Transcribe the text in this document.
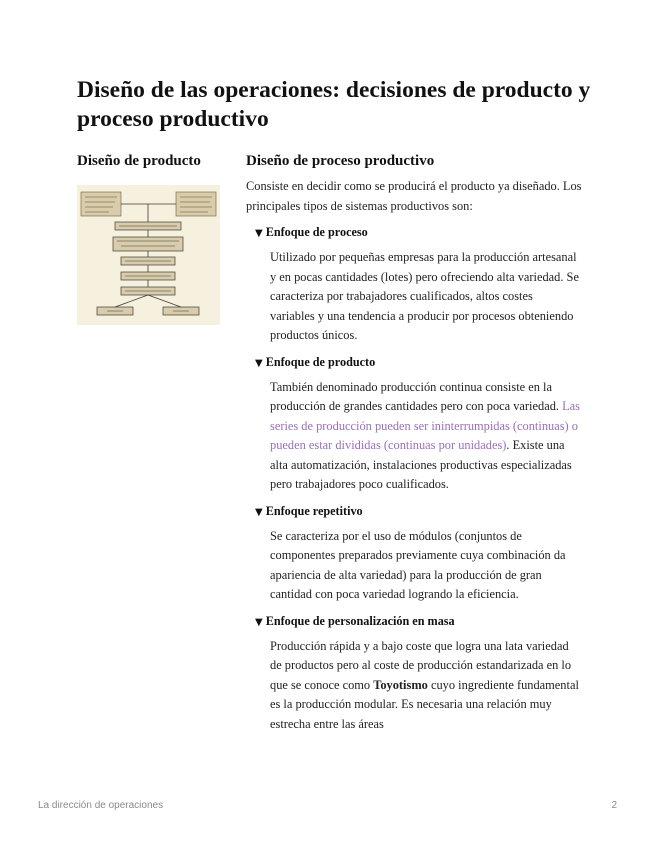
Diseño de las operaciones: decisiones de producto y proceso productivo
Diseño de producto	Diseño de proceso productivo

Consiste en decidir como se producirá el producto ya diseñado. Los principales tipos de sistemas productivos son:

▼ Enfoque de proceso

Utilizado por pequeñas empresas para la producción artesanal y en pocas cantidades (lotes) pero ofreciendo alta variedad. Se caracteriza por trabajadores cualificados, altos costes variables y una tendencia a producir por procesos obteniendo productos únicos.

▼ Enfoque de producto

También denominado producción continua consiste en la producción de grandes cantidades pero con poca variedad. Las series de producción pueden ser ininterrumpidas (continuas) o pueden estar divididas (continuas por unidades). Existe una alta automatización, instalaciones productivas especializadas pero trabajadores poco cualificados.

▼ Enfoque repetitivo

Se caracteriza por el uso de módulos (conjuntos de componentes preparados previamente cuya combinación da apariencia de alta variedad) para la producción de gran cantidad con poca variedad logrando la eficiencia.

▼ Enfoque de personalización en masa

Producción rápida y a bajo coste que logra una lata variedad de productos pero al coste de producción estandarizada en lo que se conoce como Toyotismo cuyo ingrediente fundamental es la producción modular. Es necesaria una relación muy estrecha entre las áreas

La dirección de operaciones	2
